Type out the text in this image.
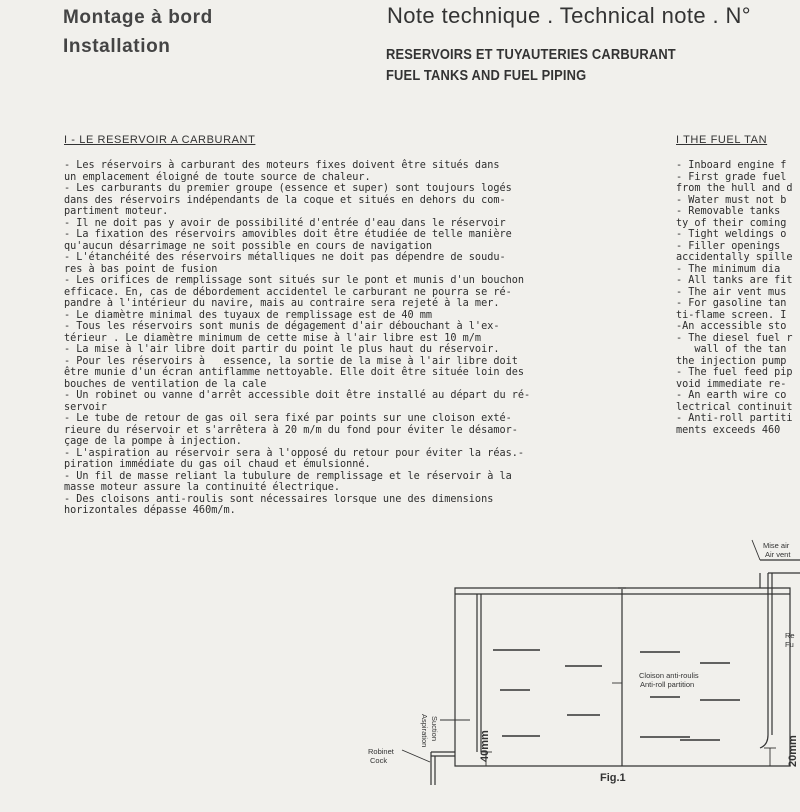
Montage à bord
Installation
Note technique . Technical note . N°
RESERVOIRS ET TUYAUTERIES CARBURANT
FUEL TANKS AND FUEL PIPING
I - LE RESERVOIR A CARBURANT	I THE FUEL TAN
- Les réservoirs à carburant des moteurs fixes doivent être situés dans
un emplacement éloigné de toute source de chaleur.
- Les carburants du premier groupe (essence et super) sont toujours logés
dans des réservoirs indépendants de la coque et situés en dehors du com-
partiment moteur.
- Il ne doit pas y avoir de possibilité d'entrée d'eau dans le réservoir
- La fixation des réservoirs amovibles doit être étudiée de telle manière
qu'aucun désarrimage ne soit possible en cours de navigation
- L'étanchéité des réservoirs métalliques ne doit pas dépendre de soudu-
res à bas point de fusion
- Les orifices de remplissage sont situés sur le pont et munis d'un bouchon
efficace. En, cas de débordement accidentel le carburant ne pourra se ré-
pandre à l'intérieur du navire, mais au contraire sera rejeté à la mer.
- Le diamètre minimal des tuyaux de remplissage est de 40 mm
- Tous les réservoirs sont munis de dégagement d'air débouchant à l'ex-
térieur . Le diamètre minimum de cette mise à l'air libre est 10 m/m
- La mise à l'air libre doit partir du point le plus haut du réservoir.
- Pour les réservoirs à   essence, la sortie de la mise à l'air libre doit
être munie d'un écran antiflamme nettoyable. Elle doit être située loin des
bouches de ventilation de la cale
- Un robinet ou vanne d'arrêt accessible doit être installé au départ du ré-
servoir
- Le tube de retour de gas oil sera fixé par points sur une cloison exté-
rieure du réservoir et s'arrêtera à 20 m/m du fond pour éviter le désamor-
çage de la pompe à injection.
- L'aspiration au réservoir sera à l'opposé du retour pour éviter la réas.-
piration immédiate du gas oil chaud et émulsionné.
- Un fil de masse reliant la tubulure de remplissage et le réservoir à la
masse moteur assure la continuité électrique.
- Des cloisons anti-roulis sont nécessaires lorsque une des dimensions
horizontales dépasse 460m/m.
- Inboard engine f
- First grade fuel
from the hull and d
- Water must not b
- Removable tanks
ty of their coming
- Tight weldings o
- Filler openings
accidentally spille
- The minimum dia
- All tanks are fit
- The air vent mus
- For gasoline tan
ti-flame screen. I
-An accessible sto
- The diesel fuel r
wall of the tan
the injection pump
- The fuel feed pip
void immediate re-
- An earth wire co
lectrical continuit
- Anti-roll partiti
ments exceeds 460
Mise air
Air vent
Re
Fu
Cloison anti-roulis
Anti-roll partition
Robinet
Cock
Aspiration Suction
40mm	20mm
Fig.1
